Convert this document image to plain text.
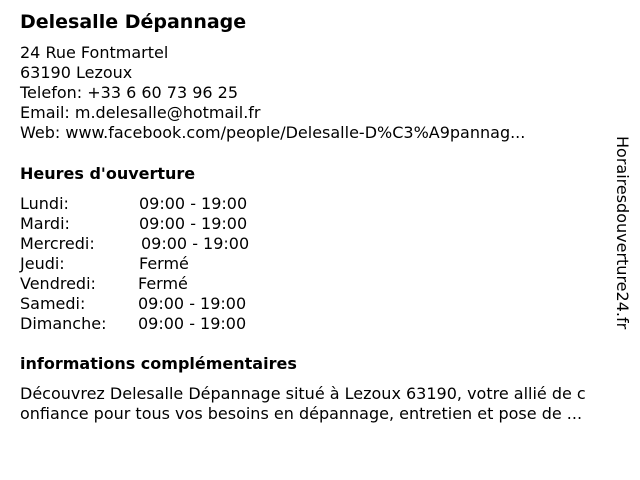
Delesalle Dépannage
24 Rue Fontmartel
63190 Lezoux
Telefon: +33 6 60 73 96 25
Email: m.delesalle@hotmail.fr
Web: www.facebook.com/people/Delesalle-D%C3%A9pannag...
Heures d'ouverture
Lundi:	09:00 - 19:00
Mardi:	09:00 - 19:00
Mercredi:	09:00 - 19:00
Jeudi:	Fermé
Vendredi:	Fermé
Samedi:	09:00 - 19:00
Dimanche: 09:00 - 19:00
informations complémentaires
Découvrez Delesalle Dépannage situé à Lezoux 63190, votre allié de c
onfiance pour tous vos besoins en dépannage, entretien et pose de ...
Horairesdouverture24.fr
